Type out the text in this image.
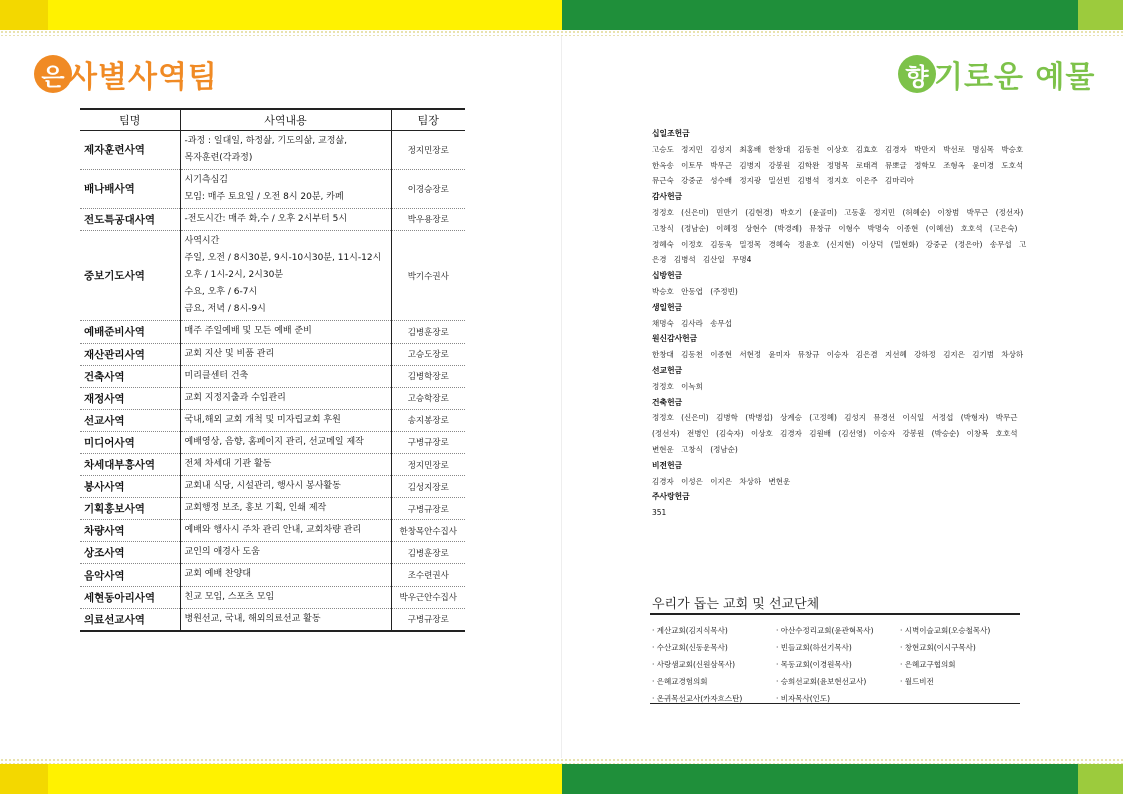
은 사별사역팀
팀명	사역내용	팀장
제자훈련사역	-과정 : 일대일, 하정삶, 기도의삶, 교정삶,
목자훈련(각과정)	정지민장로
배나배사역	시기측심김
모임: 매주 토요일 / 오전 8시 20분, 카페	이경승장로
전도특공대사역	-전도시간: 매주 화,수 / 오후 2시부터 5시	박우용장로
중보기도사역	사역시간
주일, 오전 / 8시30분, 9시-10시30분, 11시-12시
오후 / 1시-2시, 2시30분
수요, 오후 / 6-7시
금요, 저녁 / 8시-9시	박기수권사
예배준비사역	매주 주일예배 및 모든 예배 준비	김병훈장로
재산관리사역	교회 지산 및 비품 관리	고승도장로
건축사역	미리클센터 건축	김병학장로
재정사역	교회 지정지출과 수입관리	고승학장로
선교사역	국내,해외 교회 개척 및 미자립교회 후원	송지봉장로
미디어사역	예배영상, 음향, 홈페이지 관리, 선교메일 제작	구병규장로
차세대부흥사역	전체 차세대 기관 활동	정지민장로
봉사사역	교회내 식당, 시설관리, 행사시 봉사활동	김성지장로
기획홍보사역	교회행정 보조, 홍보 기획, 인쇄 제작	구병규장로
차량사역	예배와 행사시 주차 관리 안내, 교회차량 관리	한창목안수집사
상조사역	교인의 애경사 도움	김병훈장로
음악사역	교회 예배 찬양대	조수련권사
세현동아리사역	친교 모임, 스포츠 모임	박우근안수집사
의료선교사역	병원선교, 국내, 해외의료선교 활동	구병규장로
향 기로운 예물
십일조헌금
고승도 정지민 김성지 최홍배 한창대 김동천 이상호 김효호 김경자 박만지 박선로 명심목 박승호 한옥송 이토무 박무근 김병지 강봉원 김학완 정명목 로태격 뮤뽀글 정학모 조형옥 윤미경 도호석 뮤근숙 강중군 성수배 정지광 밀선빈 김병석 정지호 이은주 김마리아
감사헌금
정정호 (신은미) 민만기 (김현경) 박호기 (윤골미) 고동훈 정지민 (허혜순) 이창범 박무근 (정선자) 고창식 (정남순) 이혜정 상현수 (박경례) 뮤창규 이형수 박명숙 이종현 (이혜선) 호호석 (고은숙) 정혜숙 이정호 김동욱 밀정목 경혜숙 정윤호 (신지현) 이상덕 (밀현화) 강중군 (정은아) 송무섭 고은경 김병석 김산일 무명4
십방헌금
박승호 안동엽 (주정빈)
생일헌금
채명숙 김사라 송무섭
원신감사헌금
한창대 김동천 이종현 서현정 윤미자 뮤창규 이승자 김은겸 지선혜 강하정 김지은 김기범 차상하
선교헌금
정정호 이녹희
건축헌금
정정호 (신은미) 김병학 (박병섭) 상계승 (고정혜) 김성지 뮤경선 이식일 서정섭 (박형자) 박무근 (정선자) 전병인 (김숙자) 이상호 김경자 김원배 (김선영) 이승자 강봉원 (박승순) 이창복 호호석 변현운 고창식 (정남순)
비전헌금
김경자 이성은 이지은 차상하 변현운
주사랑헌금
351
우리가 돕는 교회 및 선교단체
· 계산교회(김지식목사)
· 수산교회(신동운목사)
· 사랑샘교회(신원삼목사)
· 은혜교경험의회
· 온귀목선교사(카자흐스탄)
· 아산수정리교회(윤관혁목사)
· 빈들교회(하선기목사)
· 목동교회(이경원목사)
· 승희선교회(윤보현선교사)
· 비자목사(인도)
· 시벽이슬교회(오승철목사)
· 창현교회(이시구목사)
· 은혜교구협의회
· 월드비전
